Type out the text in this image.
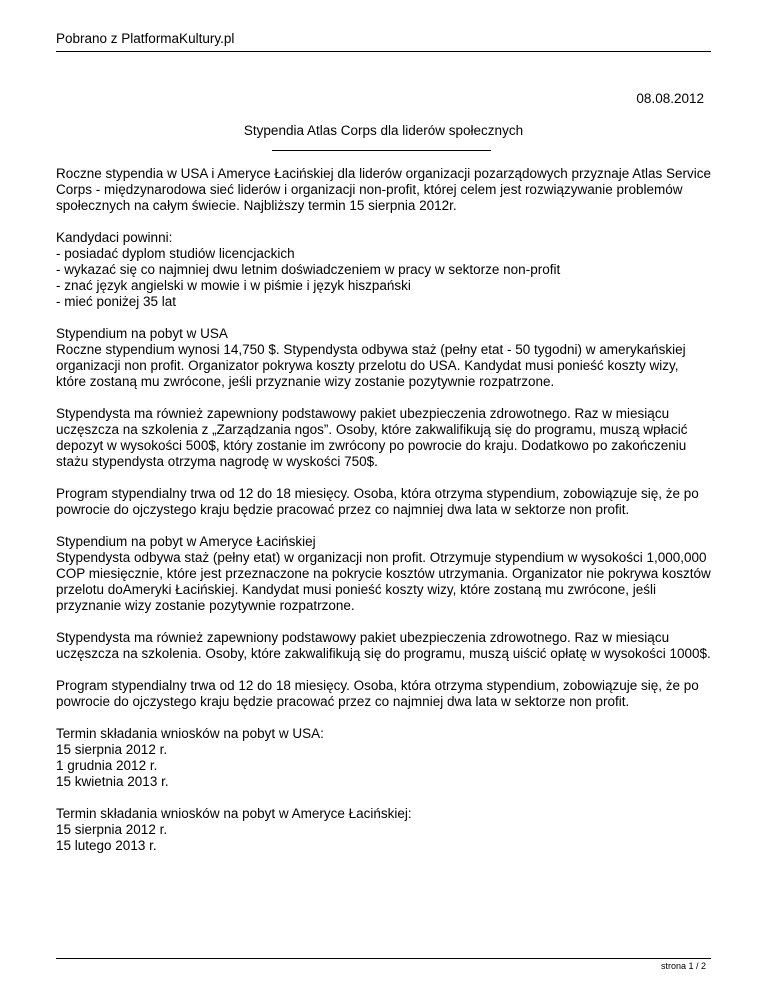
Pobrano z PlatformaKultury.pl
08.08.2012
Stypendia Atlas Corps dla liderów społecznych

Roczne stypendia w USA i Ameryce Łacińskiej dla liderów organizacji pozarządowych przyznaje Atlas Service Corps - międzynarodowa sieć liderów i organizacji non-profit, której celem jest rozwiązywanie problemów społecznych na całym świecie. Najbliższy termin 15 sierpnia 2012r.

Kandydaci powinni:
- posiadać dyplom studiów licencjackich
- wykazać się co najmniej dwu letnim doświadczeniem w pracy w sektorze non-profit
- znać język angielski w mowie i w piśmie i język hiszpański
- mieć poniżej 35 lat

Stypendium na pobyt w USA
Roczne stypendium wynosi 14,750 $. Stypendysta odbywa staż (pełny etat - 50 tygodni) w amerykańskiej organizacji non profit. Organizator pokrywa koszty przelotu do USA. Kandydat musi ponieść koszty wizy, które zostaną mu zwrócone, jeśli przyznanie wizy zostanie pozytywnie rozpatrzone.

Stypendysta ma również zapewniony podstawowy pakiet ubezpieczenia zdrowotnego. Raz w miesiącu uczęszcza na szkolenia z „Zarządzania ngos”. Osoby, które zakwalifikują się do programu, muszą wpłacić depozyt w wysokości 500$, który zostanie im zwrócony po powrocie do kraju. Dodatkowo po zakończeniu stażu stypendysta otrzyma nagrodę w wyskości 750$.

Program stypendialny trwa od 12 do 18 miesięcy. Osoba, która otrzyma stypendium, zobowiązuje się, że po powrocie do ojczystego kraju będzie pracować przez co najmniej dwa lata w sektorze non profit.

Stypendium na pobyt w Ameryce Łacińskiej
Stypendysta odbywa staż (pełny etat) w organizacji non profit. Otrzymuje stypendium w wysokości 1,000,000 COP miesięcznie, które jest przeznaczone na pokrycie kosztów utrzymania. Organizator nie pokrywa kosztów przelotu doAmeryki Łacińskiej. Kandydat musi ponieść koszty wizy, które zostaną mu zwrócone, jeśli przyznanie wizy zostanie pozytywnie rozpatrzone.

Stypendysta ma również zapewniony podstawowy pakiet ubezpieczenia zdrowotnego. Raz w miesiącu uczęszcza na szkolenia. Osoby, które zakwalifikują się do programu, muszą uiścić opłatę w wysokości 1000$.

Program stypendialny trwa od 12 do 18 miesięcy. Osoba, która otrzyma stypendium, zobowiązuje się, że po powrocie do ojczystego kraju będzie pracować przez co najmniej dwa lata w sektorze non profit.

Termin składania wniosków na pobyt w USA:
15 sierpnia 2012 r.
1 grudnia 2012 r.
15 kwietnia 2013 r.

Termin składania wniosków na pobyt w Ameryce Łacińskiej:
15 sierpnia 2012 r.
15 lutego 2013 r.

strona 1 / 2
